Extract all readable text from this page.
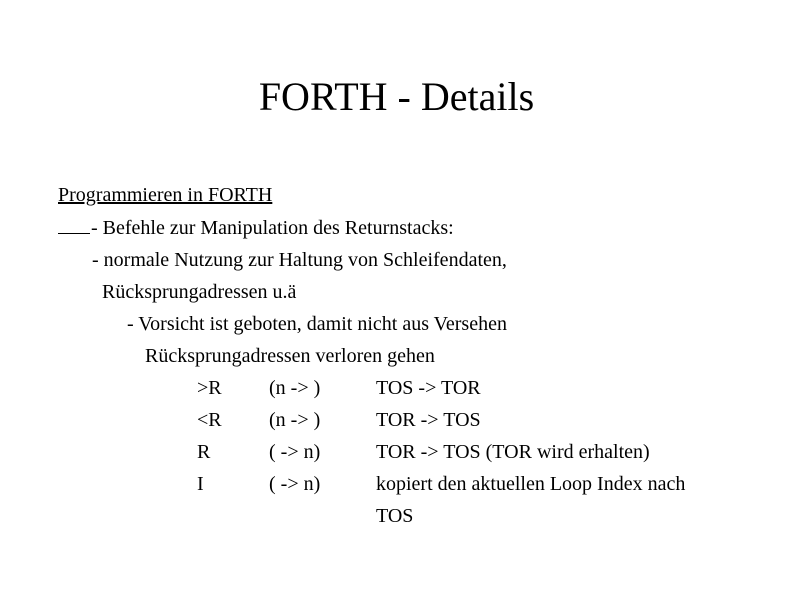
FORTH - Details
Programmieren in FORTH
- Befehle zur Manipulation des Returnstacks:
- normale Nutzung zur Haltung von Schleifendaten,
Rücksprungadressen u.ä
- Vorsicht ist geboten, damit nicht aus Versehen
Rücksprungadressen verloren gehen
>R (n -> )	TOS -> TOR
<R (n -> )	TOR -> TOS
R	( -> n)	TOR -> TOS (TOR wird erhalten)
I	( -> n)	kopiert den aktuellen Loop Index nach
TOS
